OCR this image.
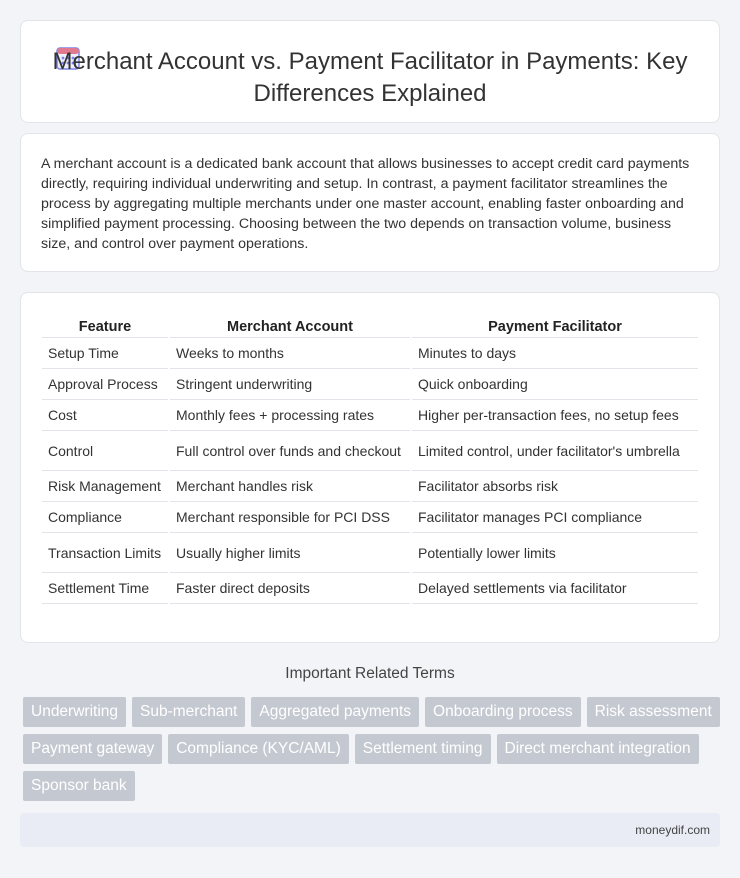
Merchant Account vs. Payment Facilitator in Payments: Key Differences Explained

A merchant account is a dedicated bank account that allows businesses to accept credit card payments directly, requiring individual underwriting and setup. In contrast, a payment facilitator streamlines the process by aggregating multiple merchants under one master account, enabling faster onboarding and simplified payment processing. Choosing between the two depends on transaction volume, business size, and control over payment operations.

Feature	Merchant Account	Payment Facilitator
Setup Time	Weeks to months	Minutes to days
Approval Process	Stringent underwriting	Quick onboarding
Cost	Monthly fees + processing rates	Higher per-transaction fees, no setup fees
Control	Full control over funds and checkout	Limited control, under facilitator's umbrella
Risk Management	Merchant handles risk	Facilitator absorbs risk
Compliance	Merchant responsible for PCI DSS	Facilitator manages PCI compliance
Transaction Limits	Usually higher limits	Potentially lower limits
Settlement Time	Faster direct deposits	Delayed settlements via facilitator
Important Related Terms
Underwriting	Sub-merchant	Aggregated payments	Onboarding process	Risk assessment
Payment gateway	Compliance (KYC/AML)	Settlement timing	Direct merchant integration
Sponsor bank
moneydif.com
